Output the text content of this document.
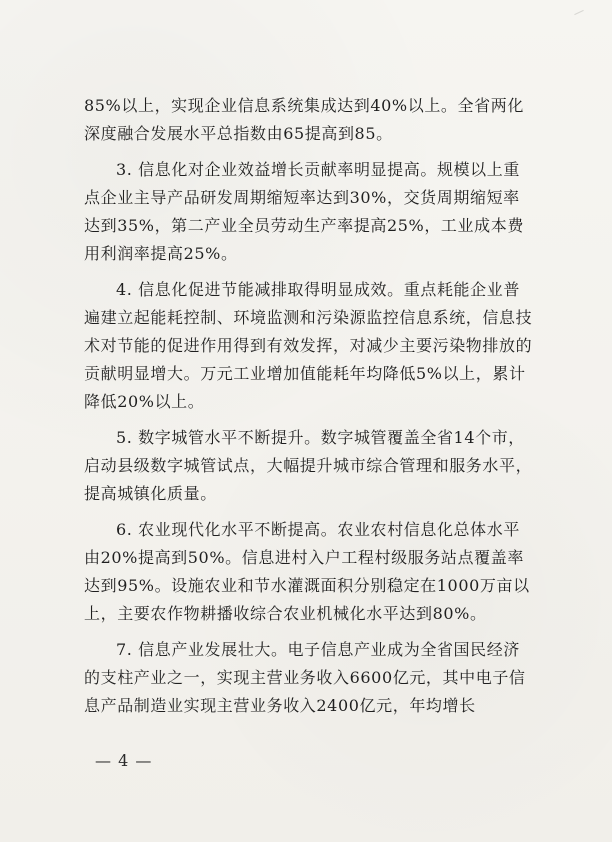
85%以上，实现企业信息系统集成达到40%以上。全省两化深度融合发展水平总指数由65提高到85。

3. 信息化对企业效益增长贡献率明显提高。规模以上重点企业主导产品研发周期缩短率达到30%，交货周期缩短率达到35%，第二产业全员劳动生产率提高25%，工业成本费用利润率提高25%。

4. 信息化促进节能减排取得明显成效。重点耗能企业普遍建立起能耗控制、环境监测和污染源监控信息系统，信息技术对节能的促进作用得到有效发挥，对减少主要污染物排放的贡献明显增大。万元工业增加值能耗年均降低5%以上，累计降低20%以上。

5. 数字城管水平不断提升。数字城管覆盖全省14个市，启动县级数字城管试点，大幅提升城市综合管理和服务水平，提高城镇化质量。

6. 农业现代化水平不断提高。农业农村信息化总体水平由20%提高到50%。信息进村入户工程村级服务站点覆盖率达到95%。设施农业和节水灌溉面积分别稳定在1000万亩以上，主要农作物耕播收综合农业机械化水平达到80%。

7. 信息产业发展壮大。电子信息产业成为全省国民经济的支柱产业之一，实现主营业务收入6600亿元，其中电子信息产品制造业实现主营业务收入2400亿元，年均增长

— 4 —
